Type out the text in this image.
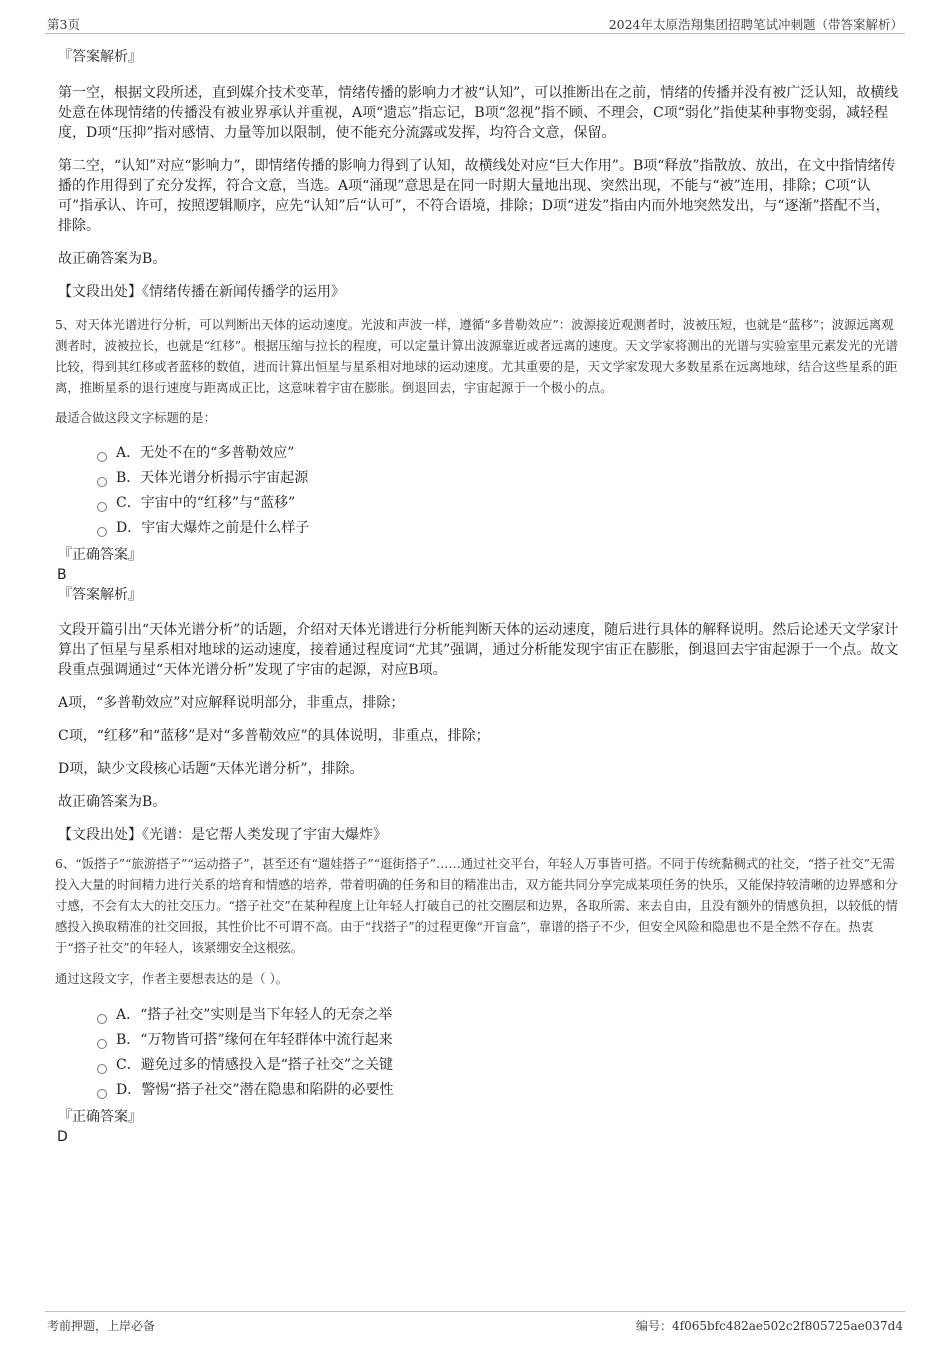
第3页	2024年太原浩翔集团招聘笔试冲刺题（带答案解析）
『答案解析』
第一空，根据文段所述，直到媒介技术变革，情绪传播的影响力才被“认知”，可以推断出在之前，情绪的传播并没有被广泛认知，故横线处意在体现情绪的传播没有被业界承认并重视，A项“遗忘”指忘记，B项“忽视”指不顾、不理会，C项“弱化”指使某种事物变弱，减轻程度，D项“压抑”指对感情、力量等加以限制，使不能充分流露或发挥，均符合文意，保留。
第二空，“认知”对应“影响力”，即情绪传播的影响力得到了认知，故横线处对应“巨大作用”。B项“释放”指散放、放出，在文中指情绪传播的作用得到了充分发挥，符合文意，当选。A项“涌现”意思是在同一时期大量地出现、突然出现，不能与“被”连用，排除；C项“认可”指承认、许可，按照逻辑顺序，应先“认知”后“认可”，不符合语境，排除；D项“迸发”指由内而外地突然发出，与“逐渐”搭配不当，排除。
故正确答案为B。
【文段出处】《情绪传播在新闻传播学的运用》
5、对天体光谱进行分析，可以判断出天体的运动速度。光波和声波一样，遵循“多普勒效应”：波源接近观测者时，波被压短，也就是“蓝移”；波源远离观测者时，波被拉长，也就是“红移”。根据压缩与拉长的程度，可以定量计算出波源靠近或者远离的速度。天文学家将测出的光谱与实验室里元素发光的光谱比较，得到其红移或者蓝移的数值，进而计算出恒星与星系相对地球的运动速度。尤其重要的是，天文学家发现大多数星系在远离地球，结合这些星系的距离，推断星系的退行速度与距离成正比，这意味着宇宙在膨胀。倒退回去，宇宙起源于一个极小的点。
最适合做这段文字标题的是：
A．无处不在的“多普勒效应”
B．天体光谱分析揭示宇宙起源
C．宇宙中的“红移”与“蓝移”
D．宇宙大爆炸之前是什么样子
『正确答案』
B
『答案解析』
文段开篇引出“天体光谱分析”的话题，介绍对天体光谱进行分析能判断天体的运动速度，随后进行具体的解释说明。然后论述天文学家计算出了恒星与星系相对地球的运动速度，接着通过程度词“尤其”强调，通过分析能发现宇宙正在膨胀，倒退回去宇宙起源于一个点。故文段重点强调通过“天体光谱分析”发现了宇宙的起源，对应B项。
A项，“多普勒效应”对应解释说明部分，非重点，排除；
C项，“红移”和“蓝移”是对“多普勒效应”的具体说明，非重点，排除；
D项，缺少文段核心话题“天体光谱分析”，排除。
故正确答案为B。
【文段出处】《光谱：是它帮人类发现了宇宙大爆炸》
6、“饭搭子”“旅游搭子”“运动搭子”，甚至还有“遛娃搭子”“逛街搭子”……通过社交平台，年轻人万事皆可搭。不同于传统黏稠式的社交，“搭子社交”无需投入大量的时间精力进行关系的培育和情感的培养，带着明确的任务和目的精准出击，双方能共同分享完成某项任务的快乐，又能保持较清晰的边界感和分寸感，不会有太大的社交压力。“搭子社交”在某种程度上让年轻人打破自己的社交圈层和边界，各取所需、来去自由，且没有额外的情感负担，以较低的情感投入换取精准的社交回报，其性价比不可谓不高。由于“找搭子”的过程更像“开盲盒”，靠谱的搭子不少，但安全风险和隐患也不是全然不存在。热衷于“搭子社交”的年轻人，该紧绷安全这根弦。
通过这段文字，作者主要想表达的是（ ）。
A．“搭子社交”实则是当下年轻人的无奈之举
B．“万物皆可搭”缘何在年轻群体中流行起来
C．避免过多的情感投入是“搭子社交”之关键
D．警惕“搭子社交”潜在隐患和陷阱的必要性
『正确答案』
D
考前押题，上岸必备	编号：4f065bfc482ae502c2f805725ae037d4
